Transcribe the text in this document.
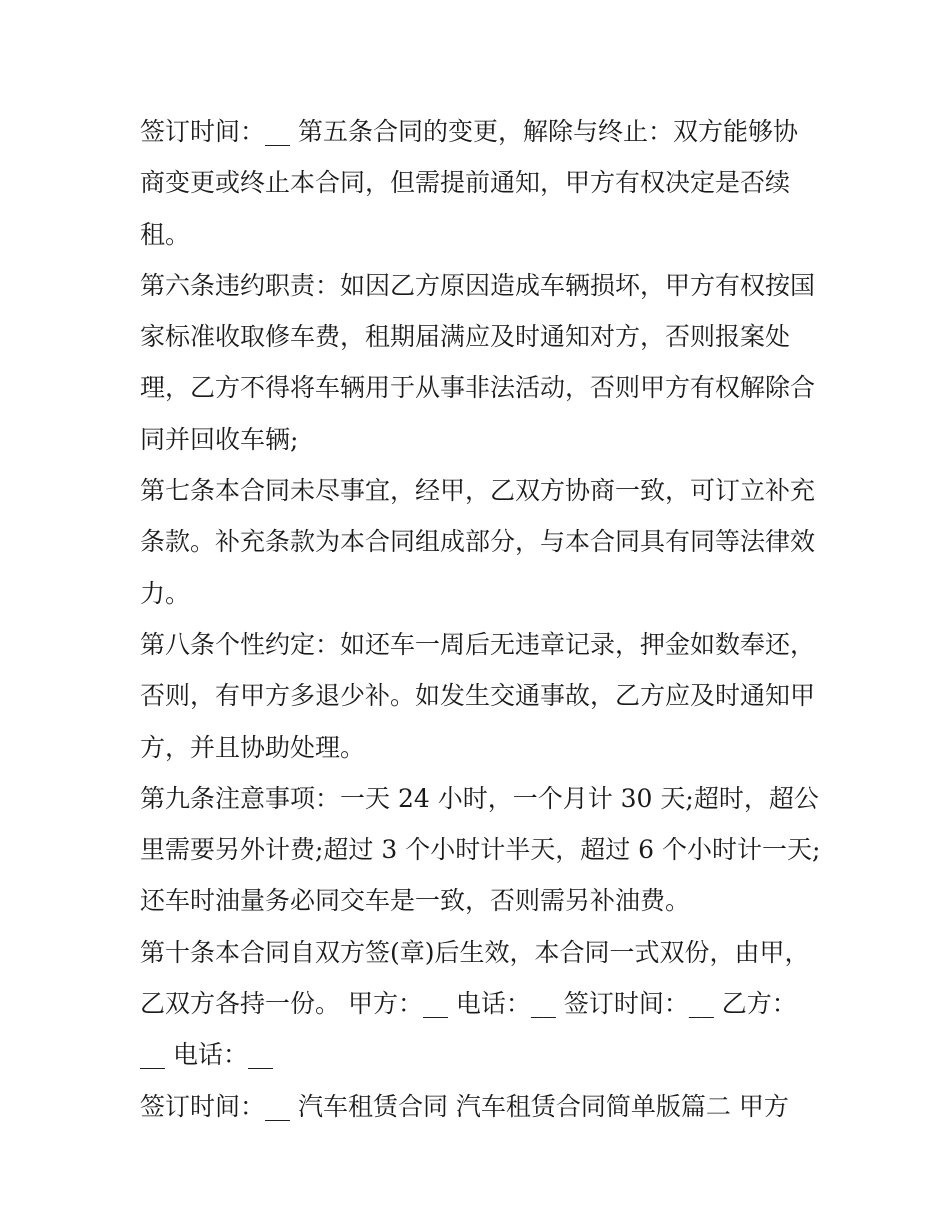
签订时间：__ 第五条合同的变更，解除与终止：双方能够协
商变更或终止本合同，但需提前通知，甲方有权决定是否续
租。
第六条违约职责：如因乙方原因造成车辆损坏，甲方有权按国
家标准收取修车费，租期届满应及时通知对方，否则报案处
理，乙方不得将车辆用于从事非法活动，否则甲方有权解除合
同并回收车辆;
第七条本合同未尽事宜，经甲，乙双方协商一致，可订立补充
条款。补充条款为本合同组成部分，与本合同具有同等法律效
力。
第八条个性约定：如还车一周后无违章记录，押金如数奉还，
否则，有甲方多退少补。如发生交通事故，乙方应及时通知甲
方，并且协助处理。
第九条注意事项：一天 24 小时，一个月计 30 天;超时，超公
里需要另外计费;超过 3 个小时计半天，超过 6 个小时计一天;
还车时油量务必同交车是一致，否则需另补油费。
第十条本合同自双方签(章)后生效，本合同一式双份，由甲，
乙双方各持一份。 甲方：__ 电话：__ 签订时间：__ 乙方：
__ 电话：__
签订时间：__ 汽车租赁合同 汽车租赁合同简单版篇二 甲方
